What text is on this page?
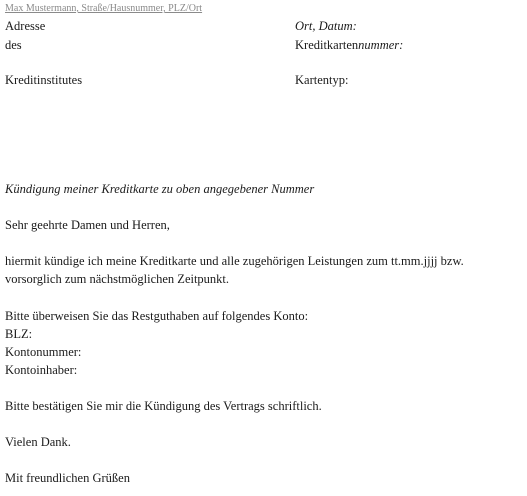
Max Mustermann, Straße/Hausnummer, PLZ/Ort
Adresse
des
Kreditinstitutes
Ort, Datum:
Kreditkartennummer:
Kartentyp:
Kündigung meiner Kreditkarte zu oben angegebener Nummer
Sehr geehrte Damen und Herren,
hiermit kündige ich meine Kreditkarte und alle zugehörigen Leistungen zum tt.mm.jjjj bzw.
vorsorglich zum nächstmöglichen Zeitpunkt.
Bitte überweisen Sie das Restguthaben auf folgendes Konto:
BLZ:
Kontonummer:
Kontoinhaber:
Bitte bestätigen Sie mir die Kündigung des Vertrags schriftlich.
Vielen Dank.
Mit freundlichen Grüßen
